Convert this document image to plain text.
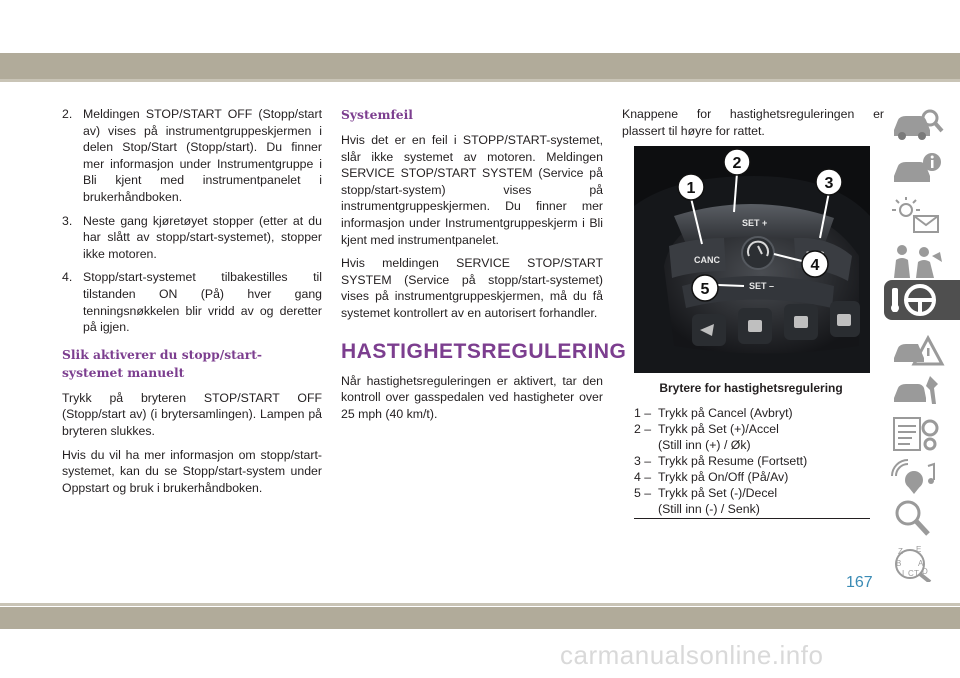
2. Meldingen STOP/START OFF (Stopp/start av) vises på instrumentgruppeskjermen i delen Stop/Start (Stopp/start). Du finner mer informasjon under Instrumentgruppe i Bli kjent med instrumentpanelet i brukerhåndboken.
3. Neste gang kjøretøyet stopper (etter at du har slått av stopp/start-systemet), stopper ikke motoren.
4. Stopp/start-systemet tilbakestilles til tilstanden ON (På) hver gang tenningsnøkkelen blir vridd av og deretter på igjen.
Slik aktiverer du stopp/start-systemet manuelt

Trykk på bryteren STOP/START OFF (Stopp/start av) (i brytersamlingen). Lampen på bryteren slukkes.

Hvis du vil ha mer informasjon om stopp/start-systemet, kan du se Stopp/start-system under Oppstart og bruk i brukerhåndboken.

Systemfeil

Hvis det er en feil i STOPP/START-systemet, slår ikke systemet av motoren. Meldingen SERVICE STOP/START SYSTEM (Service på stopp/start-system) vises på instrumentgruppeskjermen. Du finner mer informasjon under Instrumentgruppeskjerm i Bli kjent med instrumentpanelet.

Hvis meldingen SERVICE STOP/START SYSTEM (Service på stopp/start-systemet) vises på instrumentgruppeskjermen, må du få systemet kontrollert av en autorisert forhandler.

HASTIGHETSREGULERING

Når hastighetsreguleringen er aktivert, tar den kontroll over gasspedalen ved hastigheter over 25 mph (40 km/t).

Knappene for hastighetsreguleringen er plassert til høyre for rattet.

CANC
SET +
SET –
1
2
3
4
5
Brytere for hastighetsregulering
1 – Trykk på Cancel (Avbryt)
2 – Trykk på Set (+)/Accel
(Still inn (+) / Øk)
3 – Trykk på Resume (Fortsett)
4 – Trykk på On/Off (På/Av)
5 – Trykk på Set (-)/Decel
(Still inn (-) / Senk)
Z E
B A
I C T D
167
carmanualsonline.info
